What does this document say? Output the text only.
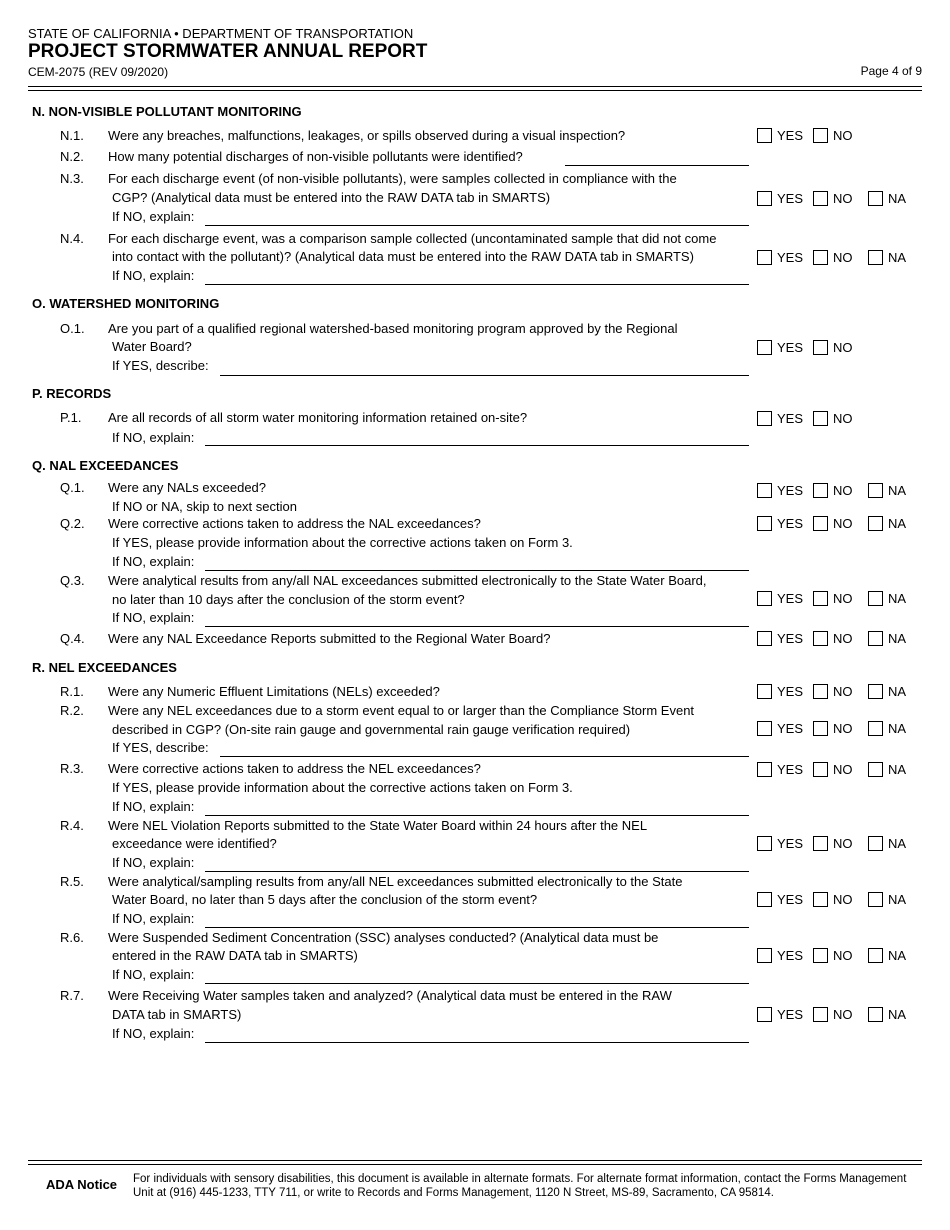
STATE OF CALIFORNIA • DEPARTMENT OF TRANSPORTATION
PROJECT STORMWATER ANNUAL REPORT
CEM-2075 (REV 09/2020)	Page 4 of 9
N. NON-VISIBLE POLLUTANT MONITORING
N.1. Were any breaches, malfunctions, leakages, or spills observed during a visual inspection?	YES NO
N.2. How many potential discharges of non-visible pollutants were identified?
N.3. For each discharge event (of non-visible pollutants), were samples collected in compliance with the
CGP? (Analytical data must be entered into the RAW DATA tab in SMARTS)
If NO, explain:
YES NO	NA
N.4. For each discharge event, was a comparison sample collected (uncontaminated sample that did not come
into contact with the pollutant)? (Analytical data must be entered into the RAW DATA tab in SMARTS)
If NO, explain:
YES NO	NA
O. WATERSHED MONITORING
O.1. Are you part of a qualified regional watershed-based monitoring program approved by the Regional
Water Board?
If YES, describe:
YES NO
P. RECORDS
P.1. Are all records of all storm water monitoring information retained on-site?
If NO, explain:
YES NO
Q. NAL EXCEEDANCES
Q.1. Were any NALs exceeded?
If NO or NA, skip to next section
YES NO	NA
Q.2. Were corrective actions taken to address the NAL exceedances?
If YES, please provide information about the corrective actions taken on Form 3.
If NO, explain:
YES NO	NA
Q.3. Were analytical results from any/all NAL exceedances submitted electronically to the State Water Board,
no later than 10 days after the conclusion of the storm event?
If NO, explain:
YES NO	NA
Q.4. Were any NAL Exceedance Reports submitted to the Regional Water Board?	YES NO	NA
R. NEL EXCEEDANCES
R.1. Were any Numeric Effluent Limitations (NELs) exceeded?	YES NO	NA
R.2. Were any NEL exceedances due to a storm event equal to or larger than the Compliance Storm Event
described in CGP? (On-site rain gauge and governmental rain gauge verification required)
If YES, describe:
YES NO	NA
R.3. Were corrective actions taken to address the NEL exceedances?
If YES, please provide information about the corrective actions taken on Form 3.
If NO, explain:
YES NO	NA
R.4. Were NEL Violation Reports submitted to the State Water Board within 24 hours after the NEL
exceedance were identified?
If NO, explain:
YES NO	NA
R.5. Were analytical/sampling results from any/all NEL exceedances submitted electronically to the State
Water Board, no later than 5 days after the conclusion of the storm event?
If NO, explain:
YES NO	NA
R.6. Were Suspended Sediment Concentration (SSC) analyses conducted? (Analytical data must be
entered in the RAW DATA tab in SMARTS)
If NO, explain:
YES NO	NA
R.7. Were Receiving Water samples taken and analyzed? (Analytical data must be entered in the RAW
DATA tab in SMARTS)
If NO, explain:
YES NO	NA
ADA Notice For individuals with sensory disabilities, this document is available in alternate formats. For alternate format information, contact the Forms Management Unit at (916) 445-1233, TTY 711, or write to Records and Forms Management, 1120 N Street, MS-89, Sacramento, CA 95814.
